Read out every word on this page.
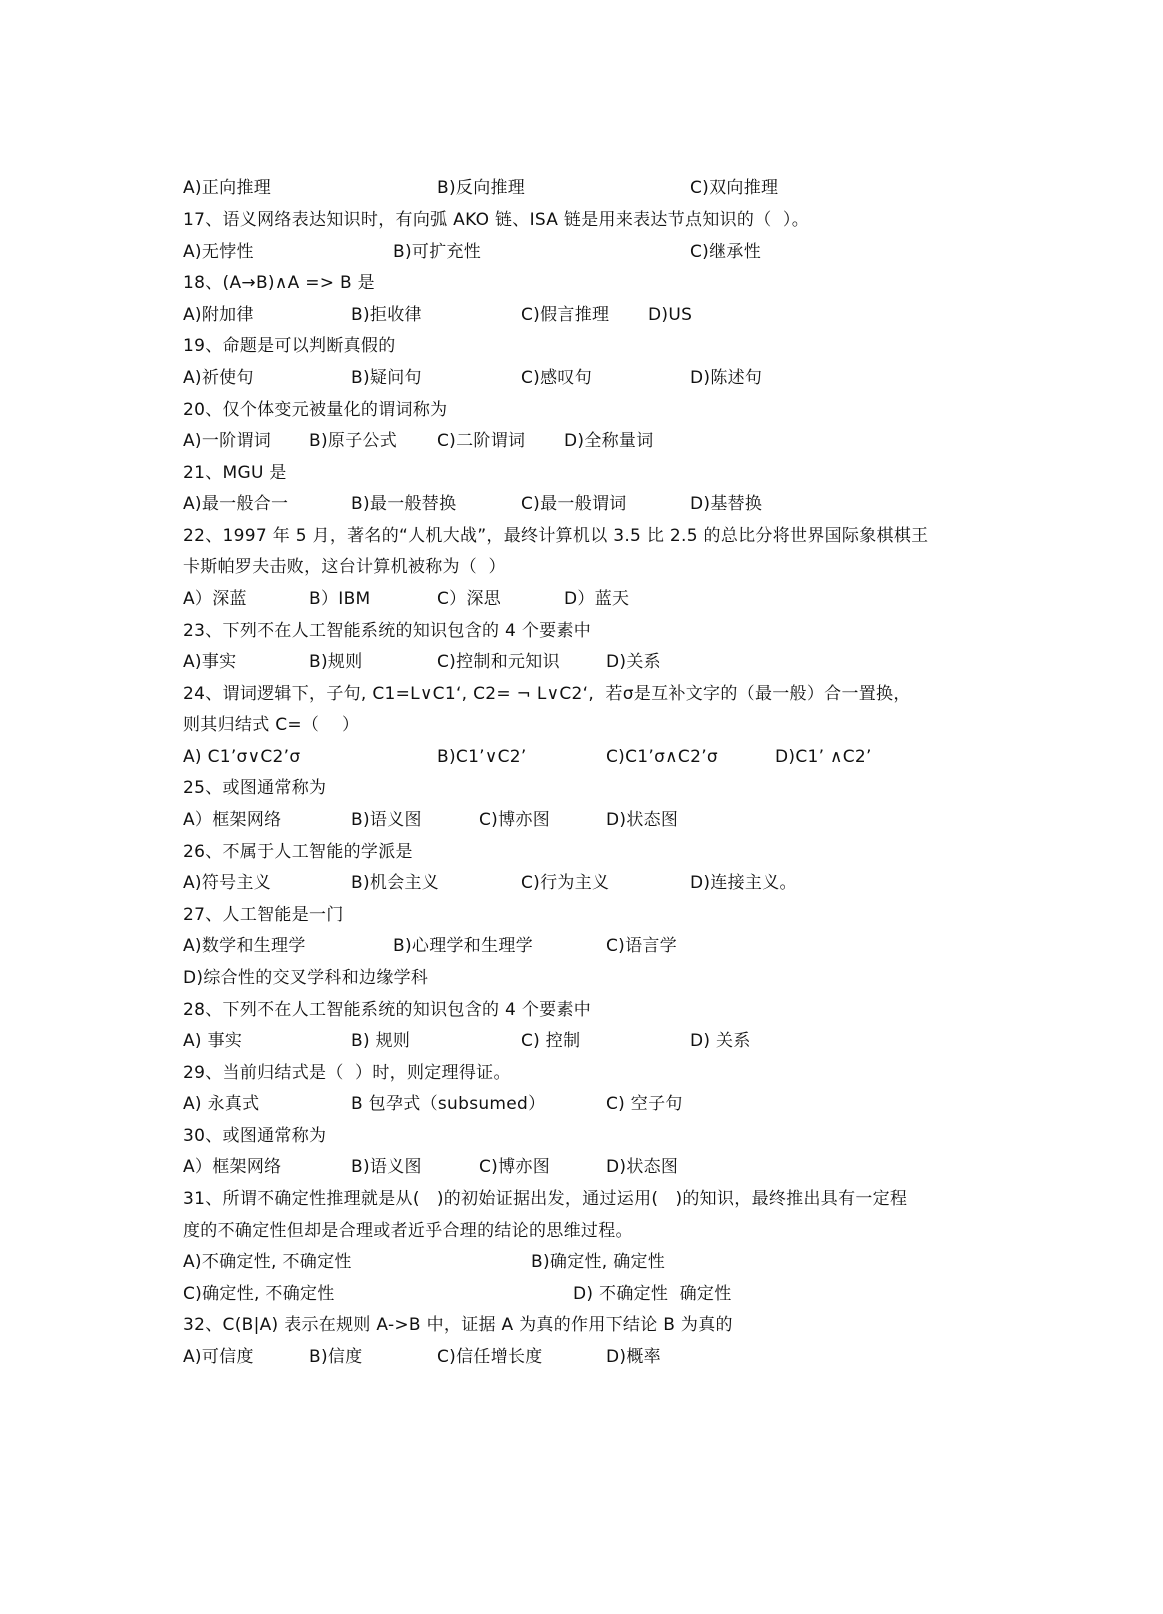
A)正向推理	B)反向推理	C)双向推理
17、语义网络表达知识时，有向弧 AKO 链、ISA 链是用来表达节点知识的（  ）。
A)无悖性	B)可扩充性	C)继承性
18、(A→B)∧A => B 是
A)附加律	B)拒收律	C)假言推理 D)US
19、命题是可以判断真假的
A)祈使句	B)疑问句	C)感叹句	D)陈述句
20、仅个体变元被量化的谓词称为
A)一阶谓词 B)原子公式 C)二阶谓词 D)全称量词
21、MGU 是
A)最一般合一	B)最一般替换	C)最一般谓词	D)基替换
22、1997 年 5 月，著名的“人机大战”，最终计算机以 3.5 比 2.5 的总比分将世界国际象棋棋王
卡斯帕罗夫击败，这台计算机被称为（  ）
A）深蓝	B）IBM	C）深思	D）蓝天
23、下列不在人工智能系统的知识包含的 4 个要素中
A)事实	B)规则	C)控制和元知识	D)关系
24、谓词逻辑下，子句, C1=L∨C1‘, C2= ¬ L∨C2‘,  若σ是互补文字的（最一般）合一置换，
则其归结式 C=（    ）
A) C1’σ∨C2’σ	B)C1’∨C2’	C)C1’σ∧C2’σ	D)C1’ ∧C2’
25、或图通常称为
A）框架网络	B)语义图	C)博亦图	D)状态图
26、不属于人工智能的学派是
A)符号主义	B)机会主义	C)行为主义	D)连接主义。
27、人工智能是一门
A)数学和生理学	B)心理学和生理学	C)语言学
D)综合性的交叉学科和边缘学科
28、下列不在人工智能系统的知识包含的 4 个要素中
A) 事实	B) 规则	C) 控制	D) 关系
29、当前归结式是（  ）时，则定理得证。
A) 永真式	B 包孕式（subsumed）	C) 空子句
30、或图通常称为
A）框架网络	B)语义图	C)博亦图	D)状态图
31、所谓不确定性推理就是从(   )的初始证据出发，通过运用(   )的知识，最终推出具有一定程
度的不确定性但却是合理或者近乎合理的结论的思维过程。
A)不确定性, 不确定性	B)确定性, 确定性
C)确定性, 不确定性	D) 不确定性  确定性
32、C(B|A) 表示在规则 A->B 中，证据 A 为真的作用下结论 B 为真的
A)可信度	B)信度	C)信任增长度	D)概率
